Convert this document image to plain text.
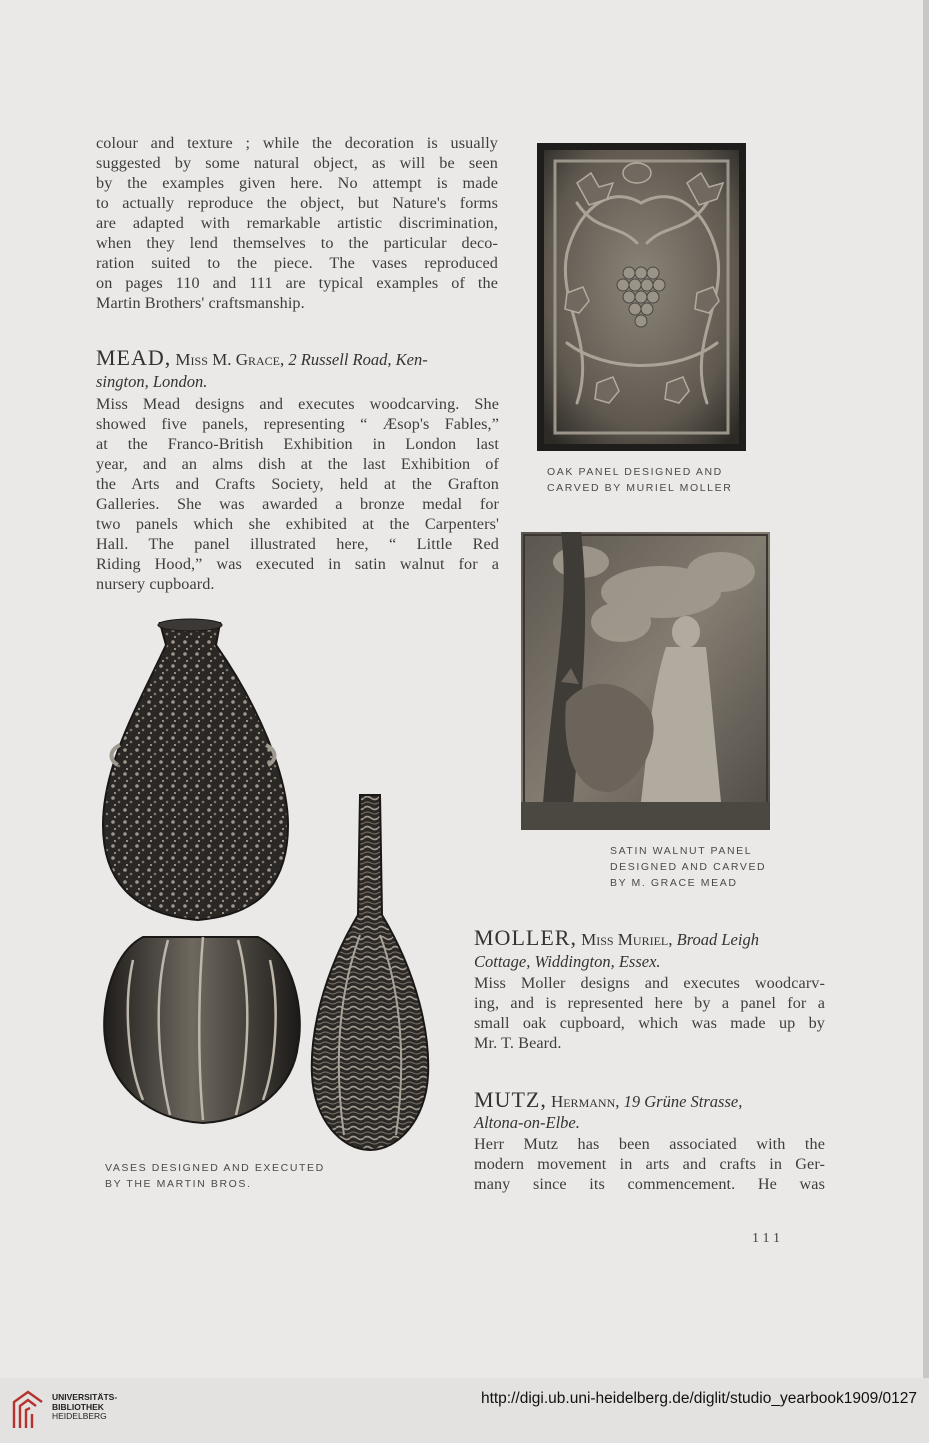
colour and texture ; while the decoration is usually
suggested by some natural object, as will be seen
by the examples given here. No attempt is made
to actually reproduce the object, but Nature's forms
are adapted with remarkable artistic discrimination,
when they lend themselves to the particular deco-
ration suited to the piece. The vases reproduced
on pages 110 and 111 are typical examples of the
Martin Brothers' craftsmanship.
MEAD, Miss M. Grace, 2 Russell Road, Ken-
sington, London.
Miss Mead designs and executes woodcarving. She
showed five panels, representing “ Æsop's Fables,”
at the Franco-British Exhibition in London last
year, and an alms dish at the last Exhibition of
the Arts and Crafts Society, held at the Grafton
Galleries. She was awarded a bronze medal for
two panels which she exhibited at the Carpenters'
Hall. The panel illustrated here, “ Little Red
Riding Hood,” was executed in satin walnut for a
nursery cupboard.
OAK PANEL DESIGNED AND
CARVED BY MURIEL MOLLER
SATIN WALNUT PANEL
DESIGNED AND CARVED
BY M. GRACE MEAD
VASES DESIGNED AND EXECUTED
BY THE MARTIN BROS.
MOLLER, Miss Muriel, Broad Leigh
Cottage, Widdington, Essex.
Miss Moller designs and executes woodcarv-
ing, and is represented here by a panel for a
small oak cupboard, which was made up by
Mr. T. Beard.
MUTZ, Hermann, 19 Grüne Strasse,
Altona-on-Elbe.
Herr Mutz has been associated with the
modern movement in arts and crafts in Ger-
many since its commencement. He was
111
UNIVERSITÄTS-
BIBLIOTHEK
HEIDELBERG
http://digi.ub.uni-heidelberg.de/diglit/studio_yearbook1909/0127
